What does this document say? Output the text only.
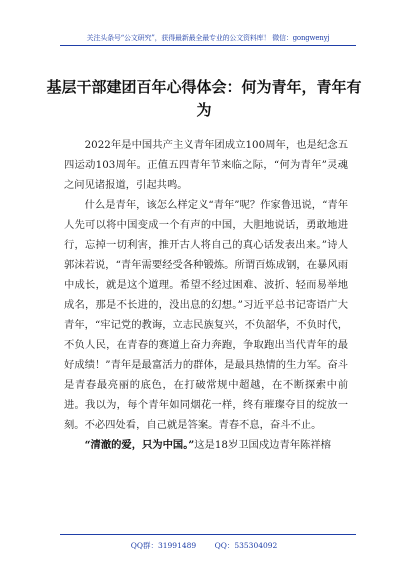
关注头条号“公文研究”，获得最新最全最专业的公文资料库！ 微信：gongwenyj
基层干部建团百年心得体会：何为青年，青年有为

2022年是中国共产主义青年团成立100周年，也是纪念五四运动103周年。正值五四青年节来临之际，“何为青年”灵魂之问见诸报道，引起共鸣。

什么是青年，该怎么样定义“青年”呢？作家鲁迅说，“青年人先可以将中国变成一个有声的中国，大胆地说话，勇敢地进行，忘掉一切利害，推开古人将自己的真心话发表出来。”诗人郭沫若说，“青年需要经受各种锻炼。所谓百炼成钢，在暴风雨中成长，就是这个道理。希望不经过困难、波折、轻而易举地成名，那是不长进的，没出息的幻想。”习近平总书记寄语广大青年，“牢记党的教诲，立志民族复兴，不负韶华，不负时代，不负人民，在青春的赛道上奋力奔跑，争取跑出当代青年的最好成绩！”青年是最富活力的群体，是最具热情的生力军。奋斗是青春最亮丽的底色，在打破常规中超越，在不断探索中前进。我以为，每个青年如同烟花一样，终有璀璨夺目的绽放一刻。不必四处看，自己就是答案。青春不息，奋斗不止。

“清澈的爱，只为中国。”这是18岁卫国戍边青年陈祥榕

QQ群：31991489 QQ：535304092
